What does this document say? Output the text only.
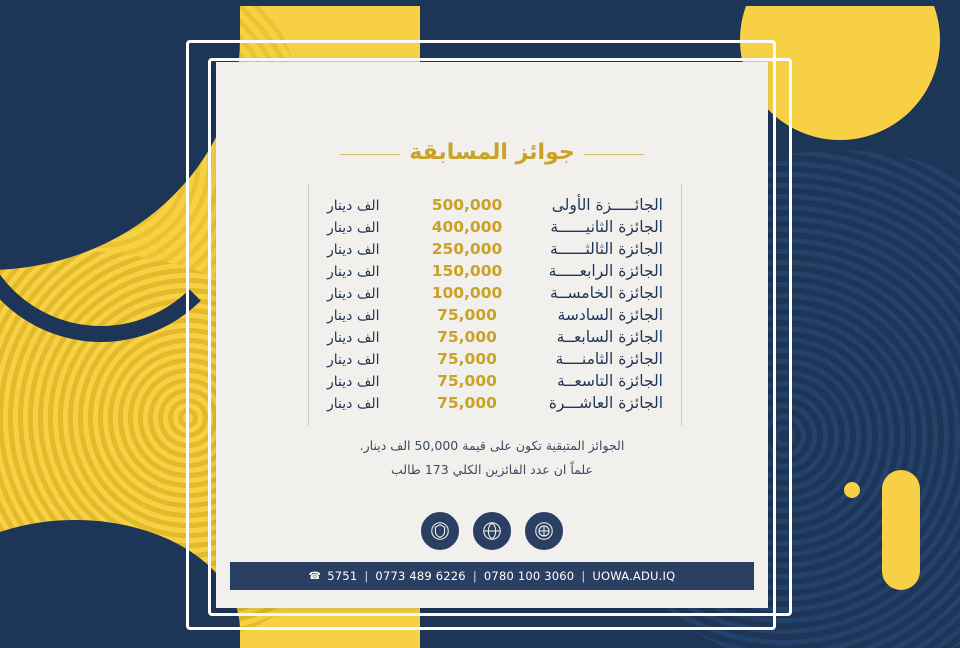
جوائز المسابقة
الجائـــــزة الأولى
500,000
الف دينار
الجائزة الثانيــــــة
400,000
الف دينار
الجائزة الثالثــــــة
250,000
الف دينار
الجائزة الرابعـــــة
150,000
الف دينار
الجائزة الخامســة
100,000
الف دينار
الجائزة السادسة
75,000
الف دينار
الجائزة السابعــة
75,000
الف دينار
الجائزة الثامنــــة
75,000
الف دينار
الجائزة التاسعــة
75,000
الف دينار
الجائزة العاشـــرة
75,000
الف دينار
الجوائز المتبقية تكون على قيمة 50,000 الف دينار.
علماً ان عدد الفائزين الكلي 173 طالب
☎ 5751 | 0773 489 6226 | 0780 100 3060 | UOWA.ADU.IQ
